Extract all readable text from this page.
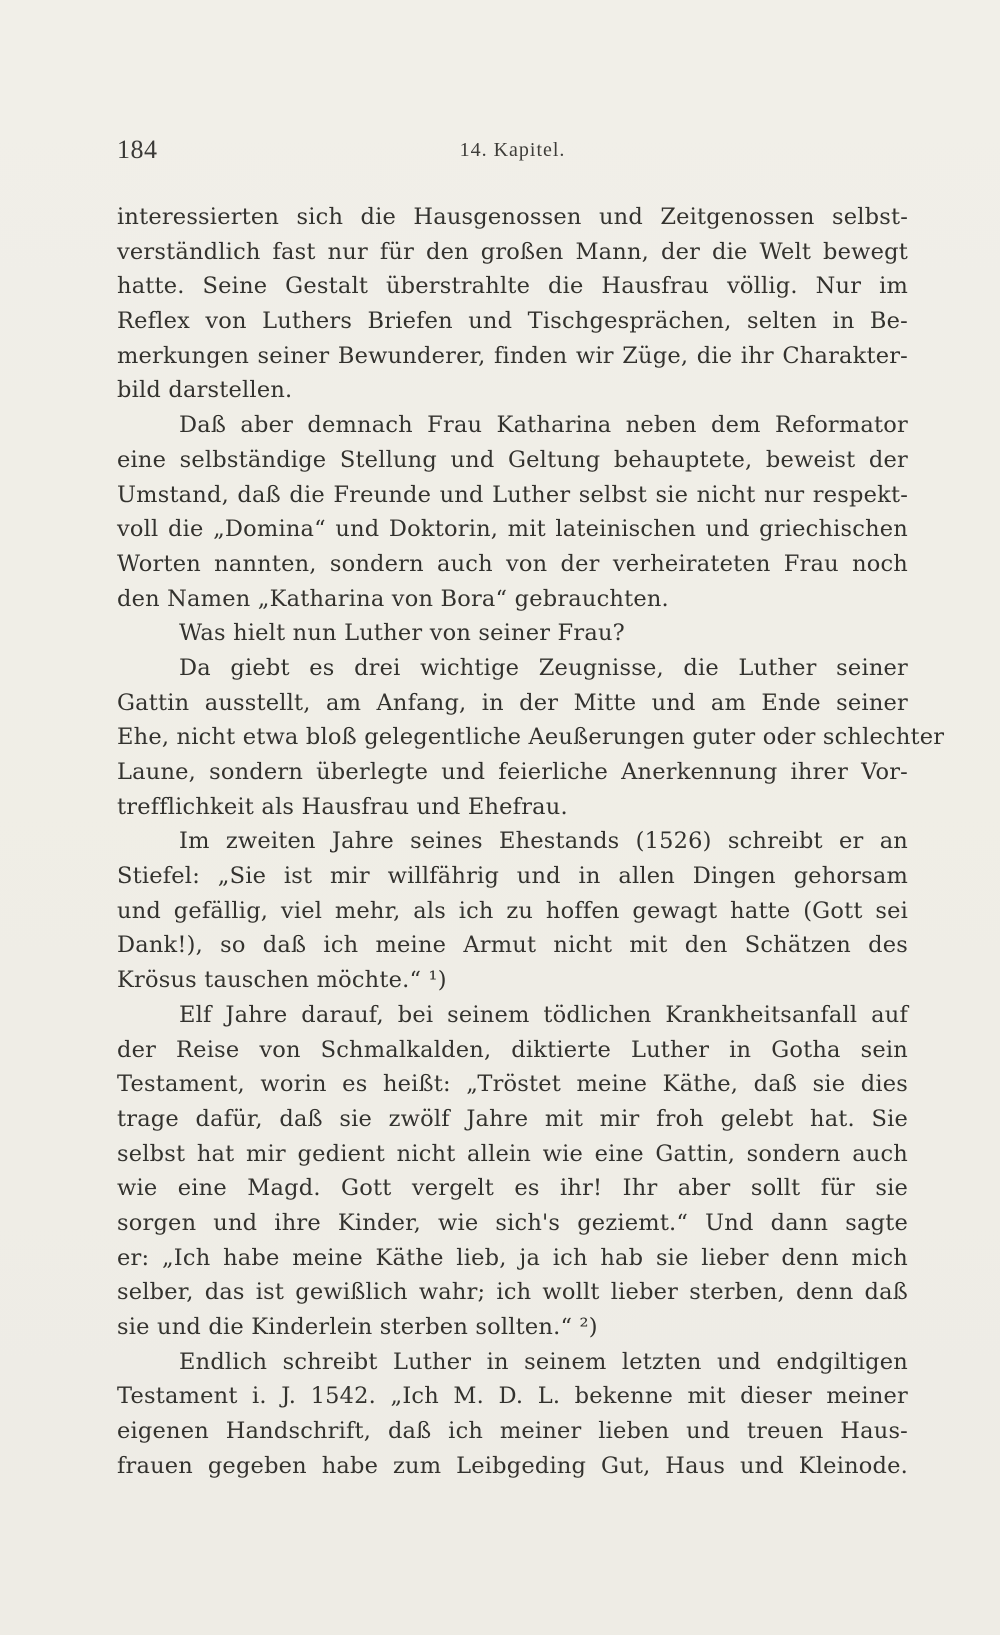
184	14. Kapitel.
interessierten sich die Hausgenossen und Zeitgenossen selbst-
verständlich fast nur für den großen Mann, der die Welt bewegt
hatte. Seine Gestalt überstrahlte die Hausfrau völlig. Nur im
Reflex von Luthers Briefen und Tischgesprächen, selten in Be-
merkungen seiner Bewunderer, finden wir Züge, die ihr Charakter-
bild darstellen.
Daß aber demnach Frau Katharina neben dem Reformator
eine selbständige Stellung und Geltung behauptete, beweist der
Umstand, daß die Freunde und Luther selbst sie nicht nur respekt-
voll die „Domina“ und Doktorin, mit lateinischen und griechischen
Worten nannten, sondern auch von der verheirateten Frau noch
den Namen „Katharina von Bora“ gebrauchten.
Was hielt nun Luther von seiner Frau?
Da giebt es drei wichtige Zeugnisse, die Luther seiner
Gattin ausstellt, am Anfang, in der Mitte und am Ende seiner
Ehe, nicht etwa bloß gelegentliche Aeußerungen guter oder schlechter
Laune, sondern überlegte und feierliche Anerkennung ihrer Vor-
trefflichkeit als Hausfrau und Ehefrau.
Im zweiten Jahre seines Ehestands (1526) schreibt er an
Stiefel: „Sie ist mir willfährig und in allen Dingen gehorsam
und gefällig, viel mehr, als ich zu hoffen gewagt hatte (Gott sei
Dank!), so daß ich meine Armut nicht mit den Schätzen des
Krösus tauschen möchte.“ ¹)
Elf Jahre darauf, bei seinem tödlichen Krankheitsanfall auf
der Reise von Schmalkalden, diktierte Luther in Gotha sein
Testament, worin es heißt: „Tröstet meine Käthe, daß sie dies
trage dafür, daß sie zwölf Jahre mit mir froh gelebt hat. Sie
selbst hat mir gedient nicht allein wie eine Gattin, sondern auch
wie eine Magd. Gott vergelt es ihr! Ihr aber sollt für sie
sorgen und ihre Kinder, wie sich's geziemt.“ Und dann sagte
er: „Ich habe meine Käthe lieb, ja ich hab sie lieber denn mich
selber, das ist gewißlich wahr; ich wollt lieber sterben, denn daß
sie und die Kinderlein sterben sollten.“ ²)
Endlich schreibt Luther in seinem letzten und endgiltigen
Testament i. J. 1542. „Ich M. D. L. bekenne mit dieser meiner
eigenen Handschrift, daß ich meiner lieben und treuen Haus-
frauen gegeben habe zum Leibgeding Gut, Haus und Kleinode.
